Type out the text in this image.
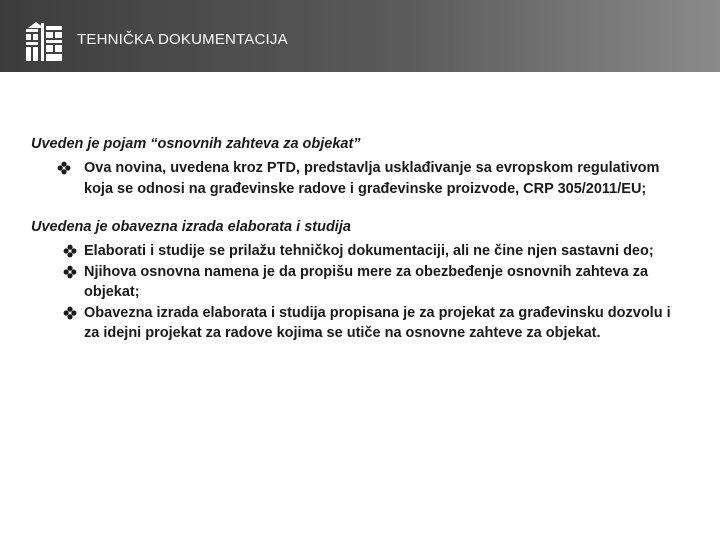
TEHNIČKA DOKUMENTACIJA

Uveden je pojam “osnovnih zahteva za objekat”

Ova novina, uvedena kroz PTD, predstavlja usklađivanje sa evropskom regulativom
koja se odnosi na građevinske radove i građevinske proizvode, CRP 305/2011/EU;

Uvedena je obavezna izrada elaborata i studija

Elaborati i studije se prilažu tehničkoj dokumentaciji, ali ne čine njen sastavni deo;
Njihova osnovna namena je da propišu mere za obezbeđenje osnovnih zahteva za
objekat;
Obavezna izrada elaborata i studija propisana je za projekat za građevinsku dozvolu i
za idejni projekat za radove kojima se utiče na osnovne zahteve za objekat.
